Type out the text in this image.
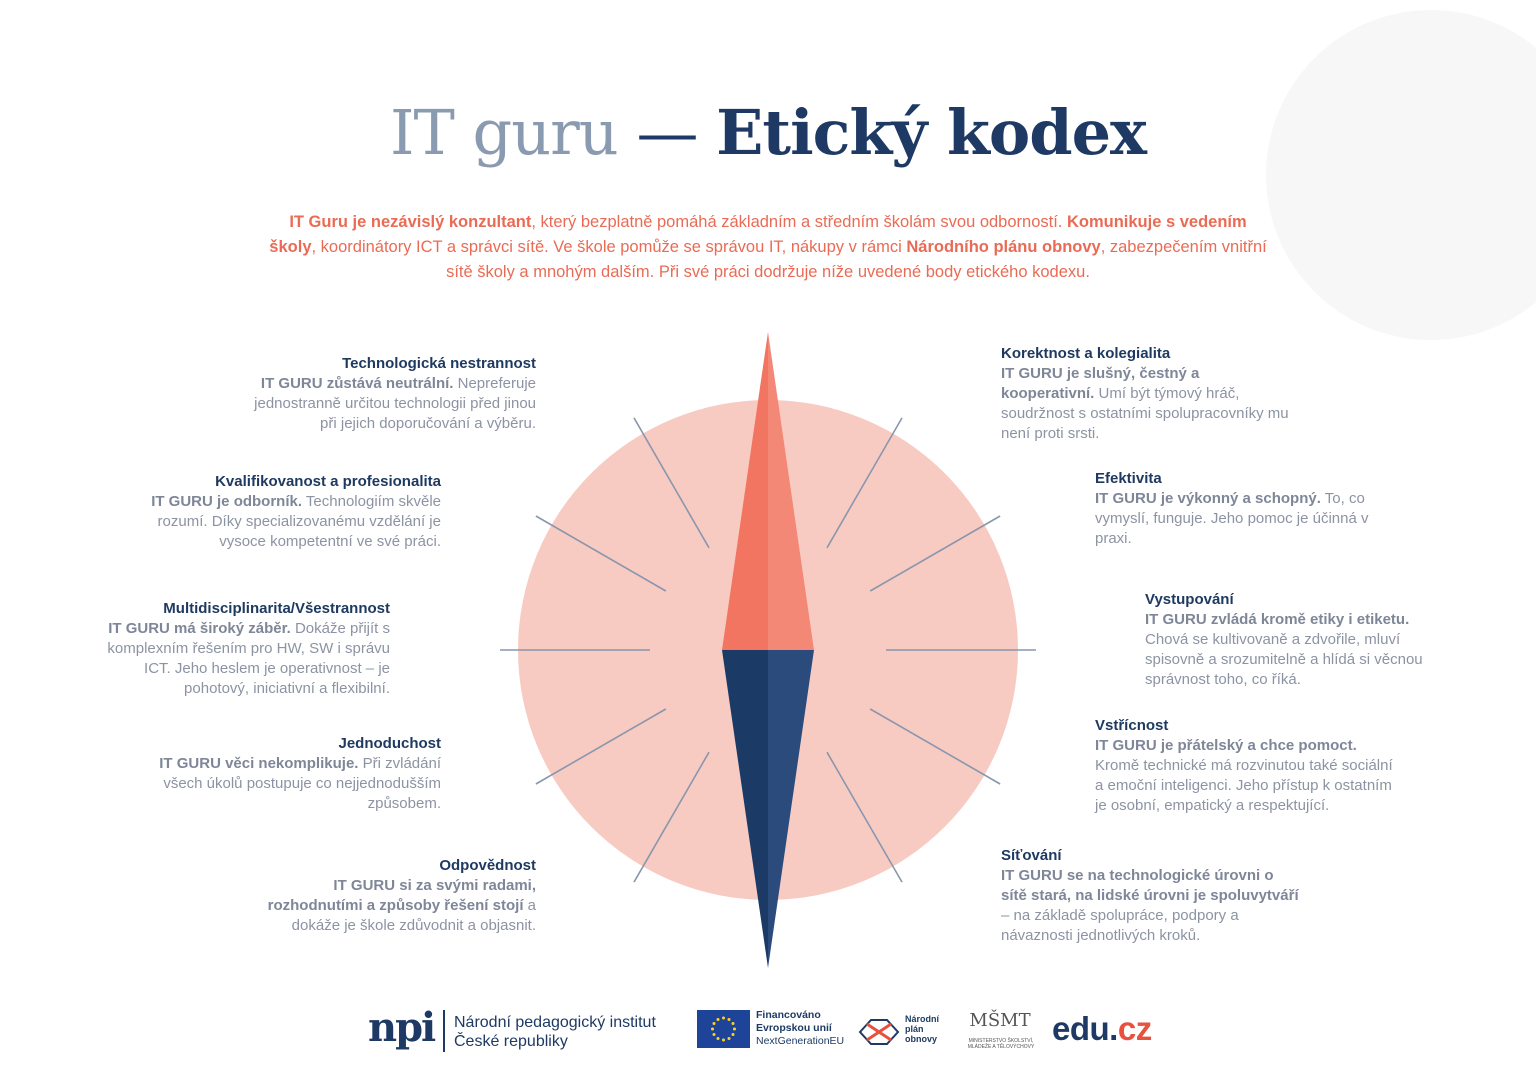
IT guru — Etický kodex
IT Guru je nezávislý konzultant, který bezplatně pomáhá základním a středním školám svou odborností. Komunikuje s vedením školy, koordinátory ICT a správci sítě. Ve škole pomůže se správou IT, nákupy v rámci Národního plánu obnovy, zabezpečením vnitřní sítě školy a mnohým dalším. Při své práci dodržuje níže uvedené body etického kodexu.
Technologická nestrannost
IT GURU zůstává neutrální. Nepreferuje jednostranně určitou technologii před jinou při jejich doporučování a výběru.
Kvalifikovanost a profesionalita
IT GURU je odborník. Technologiím skvěle rozumí. Díky specializovanému vzdělání je vysoce kompetentní ve své práci.
Multidisciplinarita/Všestrannost
IT GURU má široký záběr. Dokáže přijít s komplexním řešením pro HW, SW i správu ICT. Jeho heslem je operativnost – je pohotový, iniciativní a flexibilní.
Jednoduchost
IT GURU věci nekomplikuje. Při zvládání všech úkolů postupuje co nejjednodušším způsobem.
Odpovědnost
IT GURU si za svými radami, rozhodnutími a způsoby řešení stojí a dokáže je škole zdůvodnit a objasnit.
Korektnost a kolegialita
IT GURU je slušný, čestný a kooperativní. Umí být týmový hráč, soudržnost s ostatními spolupracovníky mu není proti srsti.
Efektivita
IT GURU je výkonný a schopný. To, co vymyslí, funguje. Jeho pomoc je účinná v praxi.
Vystupování
IT GURU zvládá kromě etiky i etiketu. Chová se kultivovaně a zdvořile, mluví spisovně a srozumitelně a hlídá si věcnou správnost toho, co říká.
Vstřícnost
IT GURU je přátelský a chce pomoct. Kromě technické má rozvinutou také sociální a emoční inteligenci. Jeho přístup k ostatním je osobní, empatický a respektující.
Síťování
IT GURU se na technologické úrovni o sítě stará, na lidské úrovni je spoluvytváří – na základě spolupráce, podpory a návaznosti jednotlivých kroků.
npi Národní pedagogický institut
České republiky
Financováno
Evropskou unií
NextGenerationEU
Národní
plán
obnovy
MŠMT
MINISTERSTVO ŠKOLSTVÍ, MLÁDEŽE A TĚLOVÝCHOVY edu.cz
